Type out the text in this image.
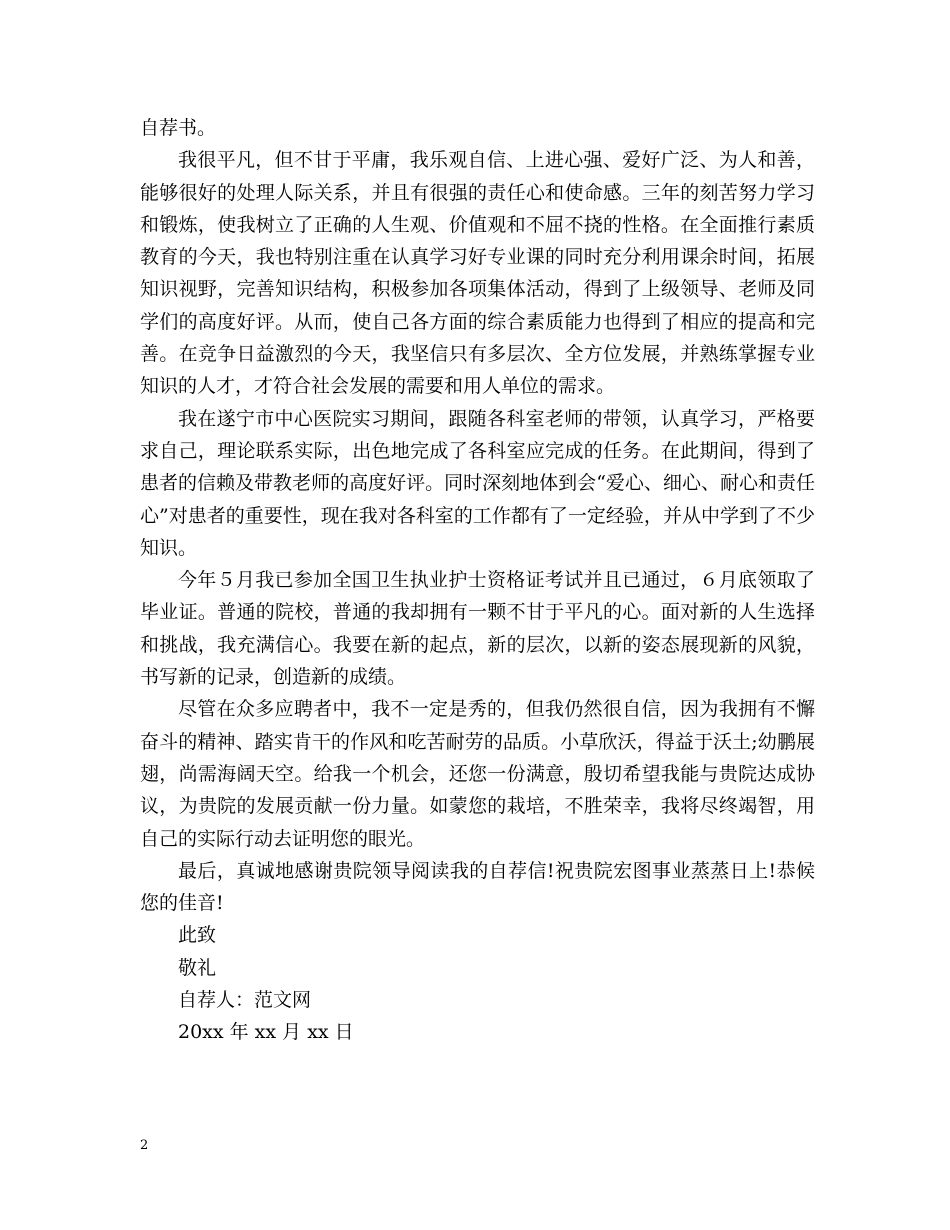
自荐书。

我很平凡，但不甘于平庸，我乐观自信、上进心强、爱好广泛、为人和善，能够很好的处理人际关系，并且有很强的责任心和使命感。三年的刻苦努力学习和锻炼，使我树立了正确的人生观、价值观和不屈不挠的性格。在全面推行素质教育的今天，我也特别注重在认真学习好专业课的同时充分利用课余时间，拓展知识视野，完善知识结构，积极参加各项集体活动，得到了上级领导、老师及同学们的高度好评。从而，使自己各方面的综合素质能力也得到了相应的提高和完善。在竞争日益激烈的今天，我坚信只有多层次、全方位发展，并熟练掌握专业知识的人才，才符合社会发展的需要和用人单位的需求。

我在遂宁市中心医院实习期间，跟随各科室老师的带领，认真学习，严格要求自己，理论联系实际，出色地完成了各科室应完成的任务。在此期间，得到了患者的信赖及带教老师的高度好评。同时深刻地体到会“爱心、细心、耐心和责任心”对患者的重要性，现在我对各科室的工作都有了一定经验，并从中学到了不少知识。

今年５月我已参加全国卫生执业护士资格证考试并且已通过，６月底领取了毕业证。普通的院校，普通的我却拥有一颗不甘于平凡的心。面对新的人生选择和挑战，我充满信心。我要在新的起点，新的层次，以新的姿态展现新的风貌，书写新的记录，创造新的成绩。

尽管在众多应聘者中，我不一定是秀的，但我仍然很自信，因为我拥有不懈奋斗的精神、踏实肯干的作风和吃苦耐劳的品质。小草欣沃，得益于沃土;幼鹏展翅，尚需海阔天空。给我一个机会，还您一份满意，殷切希望我能与贵院达成协议，为贵院的发展贡献一份力量。如蒙您的栽培，不胜荣幸，我将尽终竭智，用自己的实际行动去证明您的眼光。

最后，真诚地感谢贵院领导阅读我的自荐信!祝贵院宏图事业蒸蒸日上!恭候您的佳音!

此致

敬礼

自荐人：范文网

20xx 年 xx 月 xx 日

2
